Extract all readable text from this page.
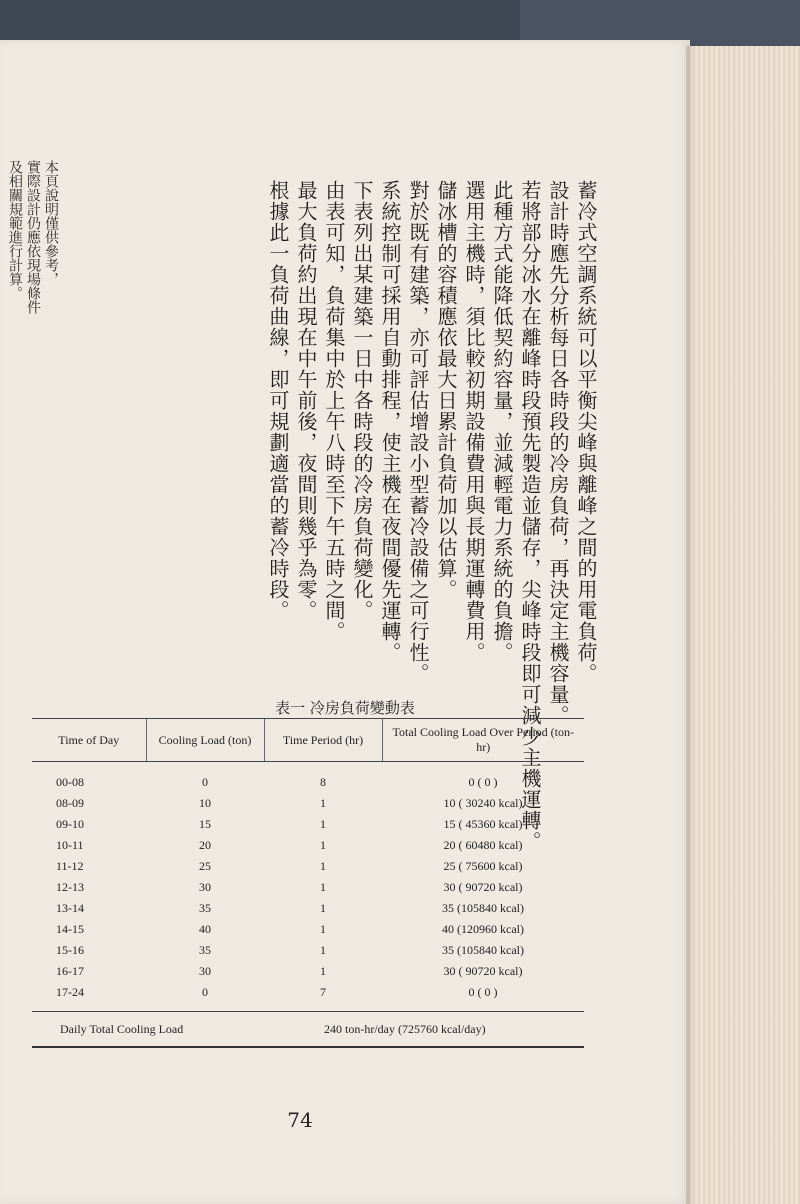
本頁說明僅供參考，
實際設計仍應依現場條件
及相關規範進行計算。	蓄冷式空調系統可以平衡尖峰與離峰之間的用電負荷。
設計時應先分析每日各時段的冷房負荷，再決定主機容量。
若將部分冰水在離峰時段預先製造並儲存，尖峰時段即可減少主機運轉。
此種方式能降低契約容量，並減輕電力系統的負擔。
選用主機時，須比較初期設備費用與長期運轉費用。
儲冰槽的容積應依最大日累計負荷加以估算。
對於既有建築，亦可評估增設小型蓄冷設備之可行性。
系統控制可採用自動排程，使主機在夜間優先運轉。
下表列出某建築一日中各時段的冷房負荷變化。
由表可知，負荷集中於上午八時至下午五時之間。
最大負荷約出現在中午前後，夜間則幾乎為零。
根據此一負荷曲線，即可規劃適當的蓄冷時段。
表一 冷房負荷變動表
Time of Day	Cooling Load (ton)	Time Period (hr)	Total Cooling Load Over Period (ton-hr)
00-08	0	8	0 ( 0 )
08-09	10	1	10 ( 30240 kcal)
09-10	15	1	15 ( 45360 kcal)
10-11	20	1	20 ( 60480 kcal)
11-12	25	1	25 ( 75600 kcal)
12-13	30	1	30 ( 90720 kcal)
13-14	35	1	35 (105840 kcal)
14-15	40	1	40 (120960 kcal)
15-16	35	1	35 (105840 kcal)
16-17	30	1	30 ( 90720 kcal)
17-24	0	7	0 ( 0 )
Daily Total Cooling Load		240 ton-hr/day (725760 kcal/day)	
74
